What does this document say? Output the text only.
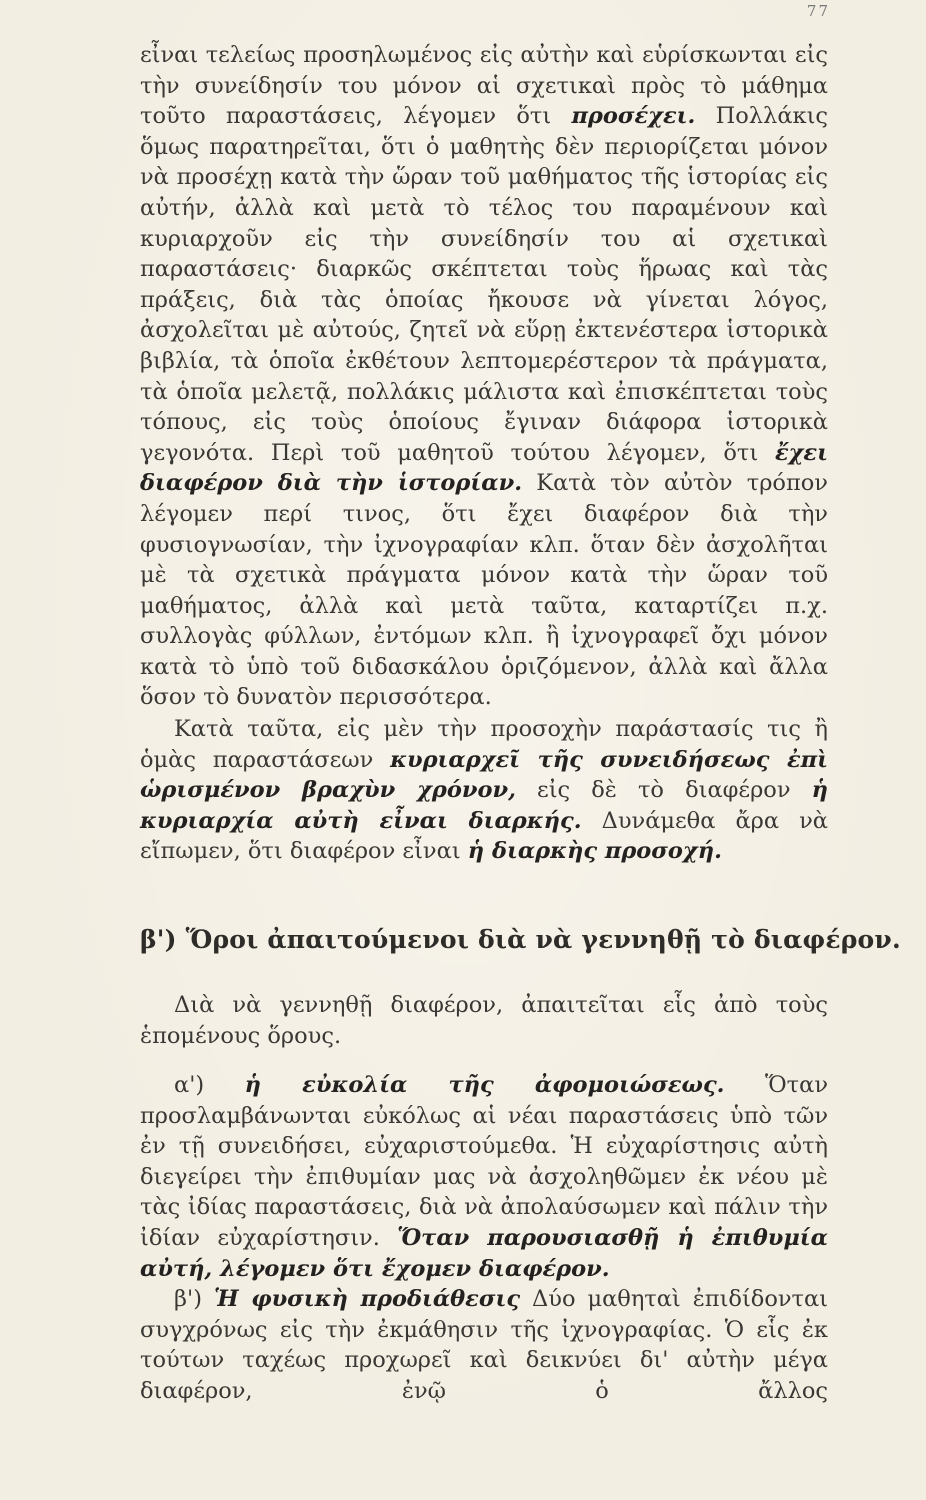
77

εἶναι τελείως προσηλωμένος εἰς αὐτὴν καὶ εὑρίσκωνται εἰς τὴν συνείδησίν του μόνον αἱ σχετικαὶ πρὸς τὸ μάθημα τοῦτο παραστάσεις, λέγομεν ὅτι προσέχει. Πολλάκις ὅμως παρατηρεῖται, ὅτι ὁ μαθητὴς δὲν περιορίζεται μόνον νὰ προσέχῃ κατὰ τὴν ὥραν τοῦ μαθήματος τῆς ἱστορίας εἰς αὐτήν, ἀλλὰ καὶ μετὰ τὸ τέλος του παραμένουν καὶ κυριαρχοῦν εἰς τὴν συνείδησίν του αἱ σχετικαὶ παραστάσεις· διαρκῶς σκέπτεται τοὺς ἥρωας καὶ τὰς πράξεις, διὰ τὰς ὁποίας ἤκουσε νὰ γίνεται λόγος, ἀσχολεῖται μὲ αὐτούς, ζητεῖ νὰ εὕρῃ ἐκτενέστερα ἱστορικὰ βιβλία, τὰ ὁποῖα ἐκθέτουν λεπτομερέστερον τὰ πράγματα, τὰ ὁποῖα μελετᾷ, πολλάκις μάλιστα καὶ ἐπισκέπτεται τοὺς τόπους, εἰς τοὺς ὁποίους ἔγιναν διάφορα ἱστορικὰ γεγονότα. Περὶ τοῦ μαθητοῦ τούτου λέγομεν, ὅτι ἔχει διαφέρον διὰ τὴν ἱστορίαν. Κατὰ τὸν αὐτὸν τρόπον λέγομεν περί τινος, ὅτι ἔχει διαφέρον διὰ τὴν φυσιογνωσίαν, τὴν ἰχνογραφίαν κλπ. ὅταν δὲν ἀσχολῆται μὲ τὰ σχετικὰ πράγματα μόνον κατὰ τὴν ὥραν τοῦ μαθήματος, ἀλλὰ καὶ μετὰ ταῦτα, καταρτίζει π.χ. συλλογὰς φύλλων, ἐντόμων κλπ. ἢ ἰχνογραφεῖ ὄχι μόνον κατὰ τὸ ὑπὸ τοῦ διδασκάλου ὁριζόμενον, ἀλλὰ καὶ ἄλλα ὅσον τὸ δυνατὸν περισσότερα.

Κατὰ ταῦτα, εἰς μὲν τὴν προσοχὴν παράστασίς τις ἢ ὁμὰς παραστάσεων κυριαρχεῖ τῆς συνειδήσεως ἐπὶ ὡρισμένον βραχὺν χρόνον, εἰς δὲ τὸ διαφέρον ἡ κυριαρχία αὐτὴ εἶναι διαρκής. Δυνάμεθα ἄρα νὰ εἴπωμεν, ὅτι διαφέρον εἶναι ἡ διαρκὴς προσοχή.

β') Ὅροι ἀπαιτούμενοι διὰ νὰ γεννηθῇ τὸ διαφέρον.

Διὰ νὰ γεννηθῇ διαφέρον, ἀπαιτεῖται εἷς ἀπὸ τοὺς ἑπομένους ὅρους.

α') ἡ εὐκολία τῆς ἀφομοιώσεως. Ὅταν προσλαμβάνωνται εὐκόλως αἱ νέαι παραστάσεις ὑπὸ τῶν ἐν τῇ συνειδήσει, εὐχαριστούμεθα. Ἡ εὐχαρίστησις αὐτὴ διεγείρει τὴν ἐπιθυμίαν μας νὰ ἀσχοληθῶμεν ἐκ νέου μὲ τὰς ἰδίας παραστάσεις, διὰ νὰ ἀπολαύσωμεν καὶ πάλιν τὴν ἰδίαν εὐχαρίστησιν. Ὅταν παρουσιασθῇ ἡ ἐπιθυμία αὐτή, λέγομεν ὅτι ἔχομεν διαφέρον.

β') Ἡ φυσικὴ προδιάθεσις Δύο μαθηταὶ ἐπιδίδονται συγχρόνως εἰς τὴν ἐκμάθησιν τῆς ἰχνογραφίας. Ὁ εἷς ἐκ τούτων ταχέως προχωρεῖ καὶ δεικνύει δι' αὐτὴν μέγα διαφέρον, ἐνῷ ὁ ἄλλος
